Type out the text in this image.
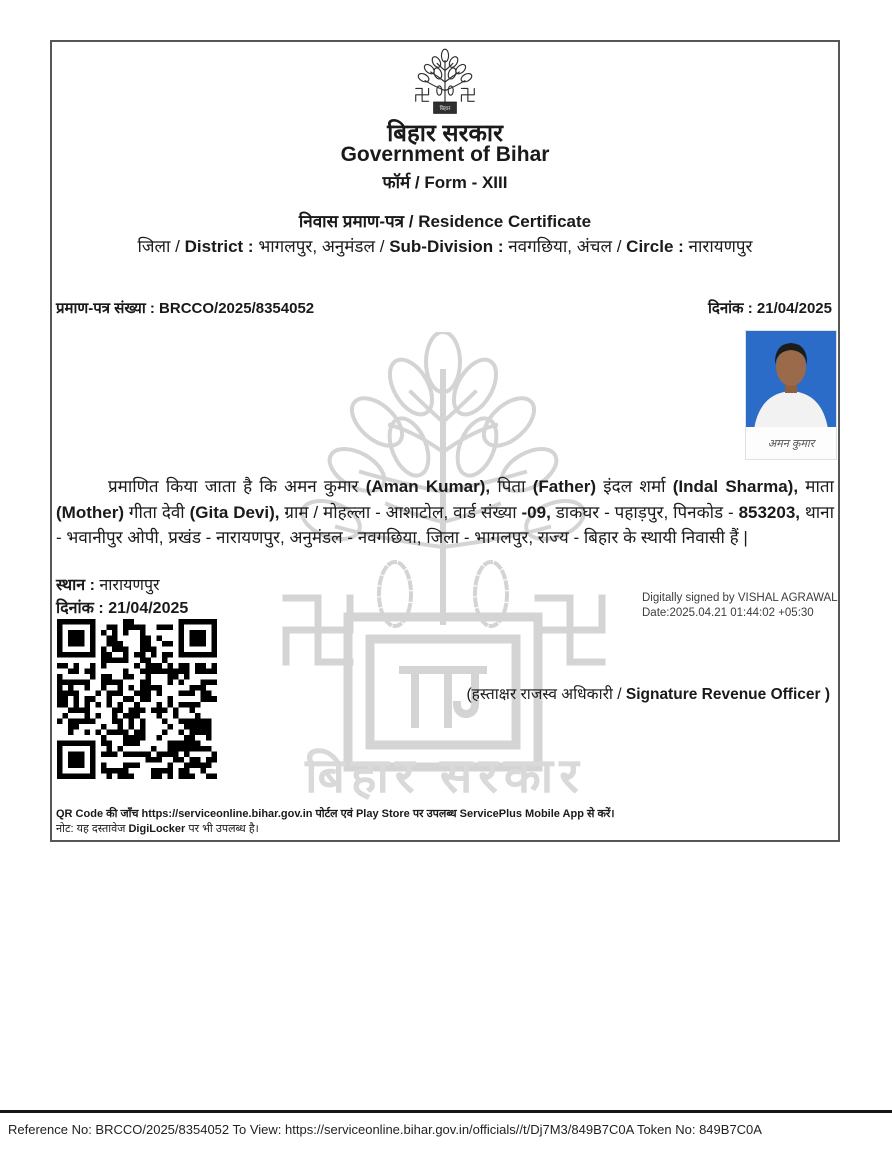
बिहार
बिहार सरकार
Government of Bihar
फॉर्म / Form - XIII
निवास प्रमाण-पत्र / Residence Certificate
जिला / District : भागलपुर, अनुमंडल / Sub-Division : नवगछिया, अंचल / Circle : नारायणपुर
प्रमाण-पत्र संख्या : BRCCO/2025/8354052	दिनांक : 21/04/2025
अमन कुमार
बिहार सरकार
प्रमाणित किया जाता है कि अमन कुमार (Aman Kumar), पिता (Father) इंदल शर्मा (Indal Sharma), माता (Mother) गीता देवी (Gita Devi), ग्राम / मोहल्ला - आशाटोल, वार्ड संख्या -09, डाकघर - पहाड़पुर, पिनकोड - 853203, थाना - भवानीपुर ओपी, प्रखंड - नारायणपुर, अनुमंडल - नवगछिया, जिला - भागलपुर, राज्य - बिहार के स्थायी निवासी हैं |
स्थान : नारायणपुर
दिनांक : 21/04/2025
Digitally signed by VISHAL AGRAWAL
Date:2025.04.21 01:44:02 +05:30
(हस्ताक्षर राजस्व अधिकारी / Signature Revenue Officer )
QR Code की जाँच https://serviceonline.bihar.gov.in पोर्टल एवं Play Store पर उपलब्ध ServicePlus Mobile App से करें।
नोट: यह दस्तावेज DigiLocker पर भी उपलब्ध है।
Reference No: BRCCO/2025/8354052 To View: https://serviceonline.bihar.gov.in/officials//t/Dj7M3/849B7C0A Token No: 849B7C0A
